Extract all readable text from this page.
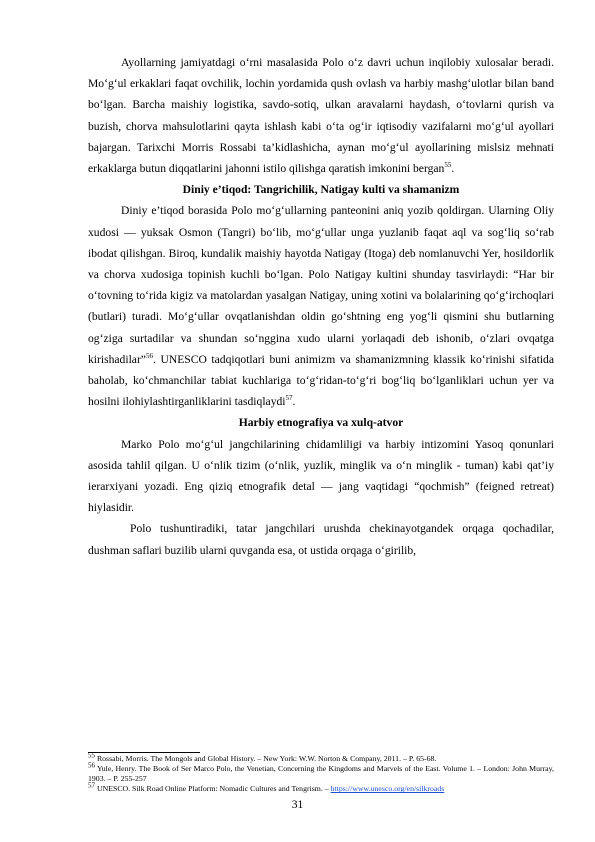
Ayollarning jamiyatdagi o‘rni masalasida Polo o‘z davri uchun inqilobiy xulosalar beradi. Mo‘g‘ul erkaklari faqat ovchilik, lochin yordamida qush ovlash va harbiy mashg‘ulotlar bilan band bo‘lgan. Barcha maishiy logistika, savdo-sotiq, ulkan aravalarni haydash, o‘tovlarni qurish va buzish, chorva mahsulotlarini qayta ishlash kabi o‘ta og‘ir iqtisodiy vazifalarni mo‘g‘ul ayollari bajargan. Tarixchi Morris Rossabi ta’kidlashicha, aynan mo‘g‘ul ayollarining mislsiz mehnati erkaklarga butun diqqatlarini jahonni istilo qilishga qaratish imkonini bergan$^{55}$.

Diniy e’tiqod: Tangrichilik, Natigay kulti va shamanizm

Diniy e’tiqod borasida Polo mo‘g‘ullarning panteonini aniq yozib qoldirgan. Ularning Oliy xudosi — yuksak Osmon (Tangri) bo‘lib, mo‘g‘ullar unga yuzlanib faqat aql va sog‘liq so‘rab ibodat qilishgan. Biroq, kundalik maishiy hayotda Natigay (Itoga) deb nomlanuvchi Yer, hosildorlik va chorva xudosiga topinish kuchli bo‘lgan. Polo Natigay kultini shunday tasvirlaydi: “Har bir o‘tovning to‘rida kigiz va matolardan yasalgan Natigay, uning xotini va bolalarining qo‘g‘irchoqlari (butlari) turadi. Mo‘g‘ullar ovqatlanishdan oldin go‘shtning eng yog‘li qismini shu butlarning og‘ziga surtadilar va shundan so‘nggina xudo ularni yorlaqadi deb ishonib, o‘zlari ovqatga kirishadilar”$^{56}$. UNESCO tadqiqotlari buni animizm va shamanizmning klassik ko‘rinishi sifatida baholab, ko‘chmanchilar tabiat kuchlariga to‘g‘ridan-to‘g‘ri bog‘liq bo‘lganliklari uchun yer va hosilni ilohiylashtirganliklarini tasdiqlaydi$^{57}$.

Harbiy etnografiya va xulq-atvor

Marko Polo mo‘g‘ul jangchilarining chidamliligi va harbiy intizomini Yasoq qonunlari asosida tahlil qilgan. U o‘nlik tizim (o‘nlik, yuzlik, minglik va o‘n minglik - tuman) kabi qat’iy ierarxiyani yozadi. Eng qiziq etnografik detal — jang vaqtidagi “qochmish” (feigned retreat) hiylasidir.

Polo tushuntiradiki, tatar jangchilari urushda chekinayotgandek orqaga qochadilar, dushman saflari buzilib ularni quvganda esa, ot ustida orqaga o‘girilib,

$^{55}$ Rossabi, Morris. The Mongols and Global History. – New York: W.W. Norton & Company, 2011. – P. 65-68.

$^{56}$ Yule, Henry. The Book of Ser Marco Polo, the Venetian, Concerning the Kingdoms and Marvels of the East. Volume 1. – London: John Murray, 1903. – P. 255-257

$^{57}$ UNESCO. Silk Road Online Platform: Nomadic Cultures and Tengrism. – https://www.unesco.org/en/silkroads

31
